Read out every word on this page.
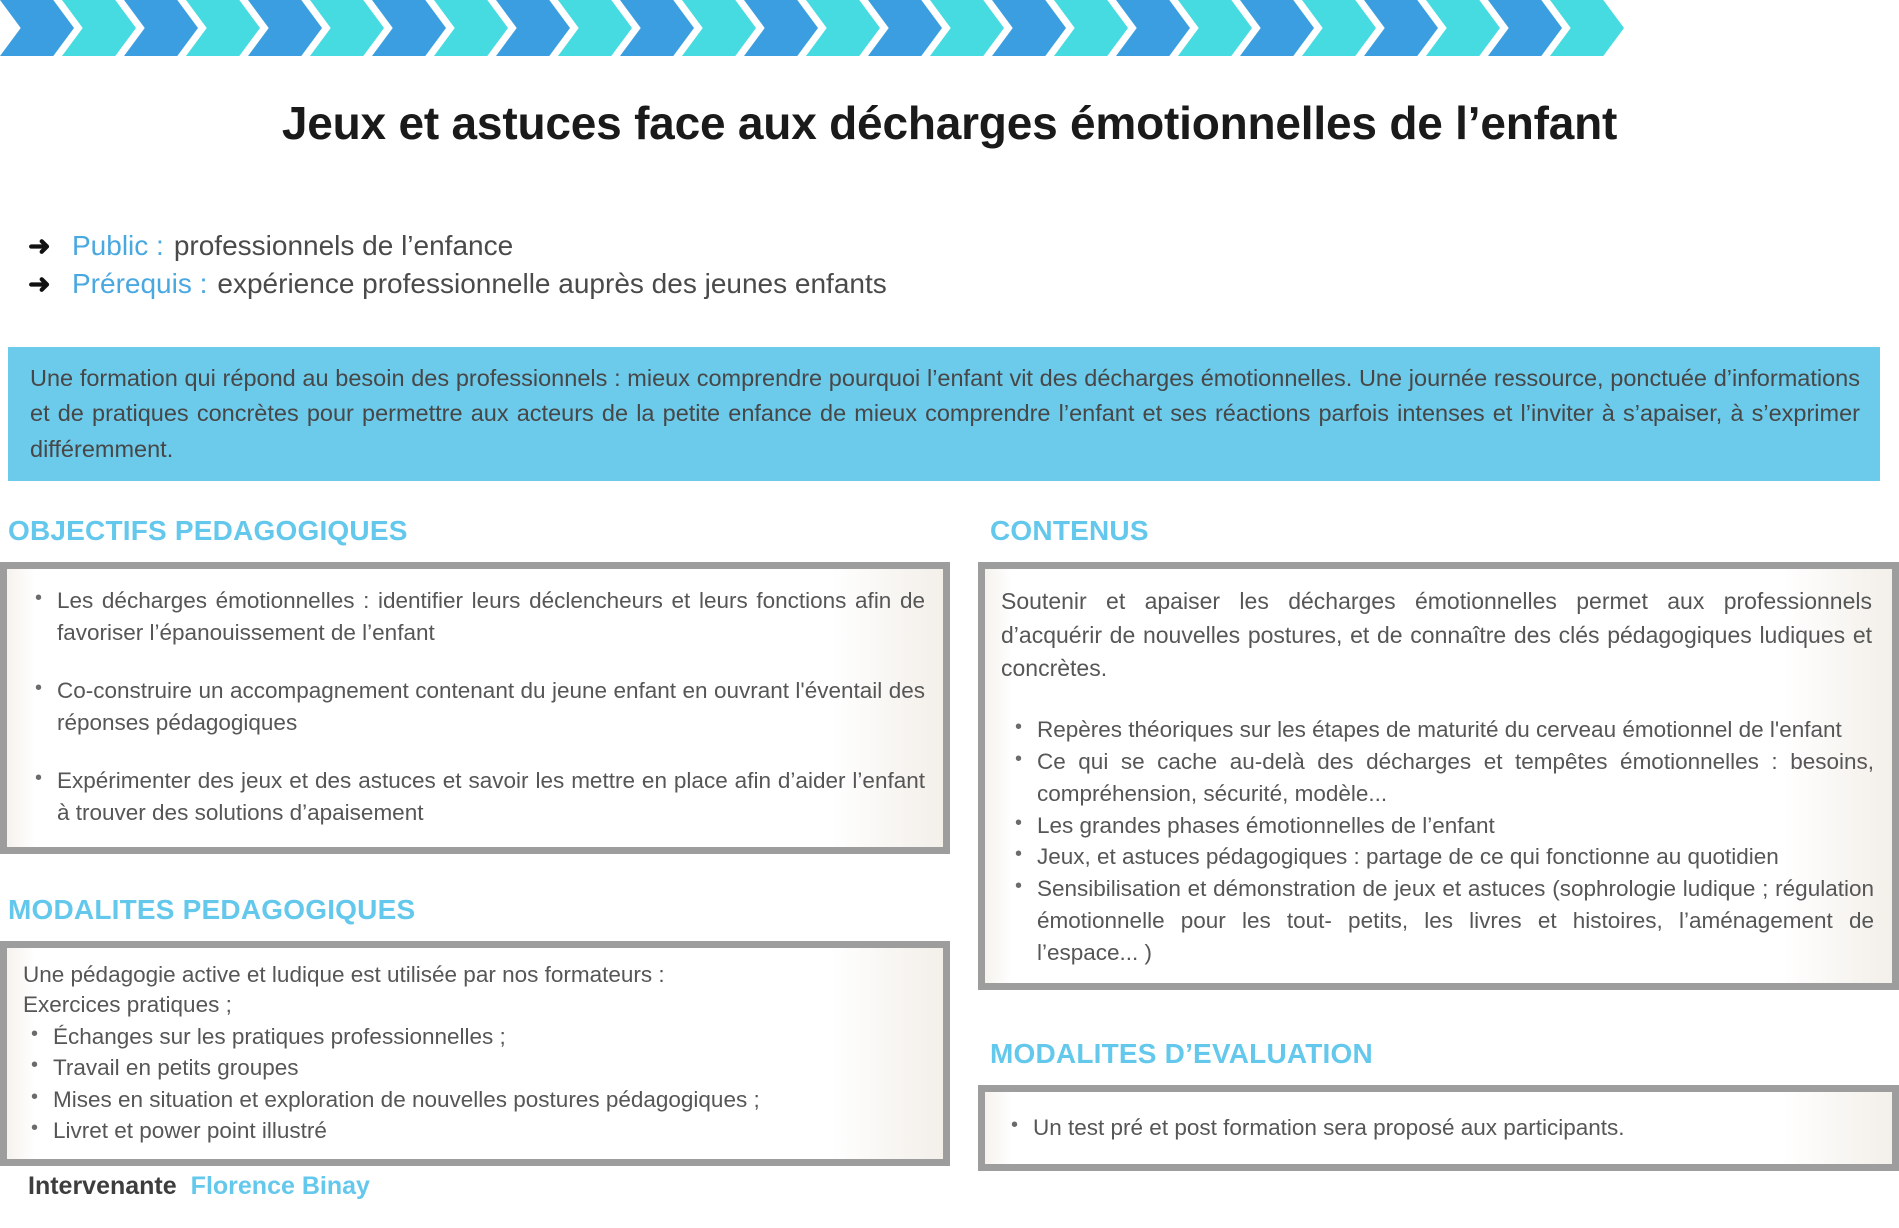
Jeux et astuces face aux décharges émotionnelles de l’enfant
➜ Public : professionnels de l’enfance
➜ Prérequis : expérience professionnelle auprès des jeunes enfants
Une formation qui répond au besoin des professionnels : mieux comprendre pourquoi l’enfant vit des décharges émotionnelles. Une journée ressource, ponctuée d’informations et de pratiques concrètes pour permettre aux acteurs de la petite enfance de mieux comprendre l’enfant et ses réactions parfois intenses et l’inviter à s’apaiser, à s’exprimer différemment.
OBJECTIFS PEDAGOGIQUES
• Les décharges émotionnelles : identifier leurs déclencheurs et leurs fonctions afin de favoriser l’épanouissement de l’enfant
• Co-construire un accompagnement contenant du jeune enfant en ouvrant l'éventail des réponses pédagogiques
• Expérimenter des jeux et des astuces et savoir les mettre en place afin d’aider l’enfant à trouver des solutions d’apaisement
MODALITES PEDAGOGIQUES
Une pédagogie active et ludique est utilisée par nos formateurs :
Exercices pratiques ;
• Échanges sur les pratiques professionnelles ;
• Travail en petits groupes
• Mises en situation et exploration de nouvelles postures pédagogiques ;
• Livret et power point illustré
CONTENUS
Soutenir et apaiser les décharges émotionnelles permet aux professionnels d’acquérir de nouvelles postures, et de connaître des clés pédagogiques ludiques et concrètes.
• Repères théoriques sur les étapes de maturité du cerveau émotionnel de l'enfant
• Ce qui se cache au-delà des décharges et tempêtes émotionnelles : besoins, compréhension, sécurité, modèle...
• Les grandes phases émotionnelles de l’enfant
• Jeux, et astuces pédagogiques : partage de ce qui fonctionne au quotidien
• Sensibilisation et démonstration de jeux et astuces (sophrologie ludique ; régulation émotionnelle pour les tout- petits, les livres et histoires, l’aménagement de l’espace... )
MODALITES D’EVALUATION
• Un test pré et post formation sera proposé aux participants.
Intervenante Florence Binay
